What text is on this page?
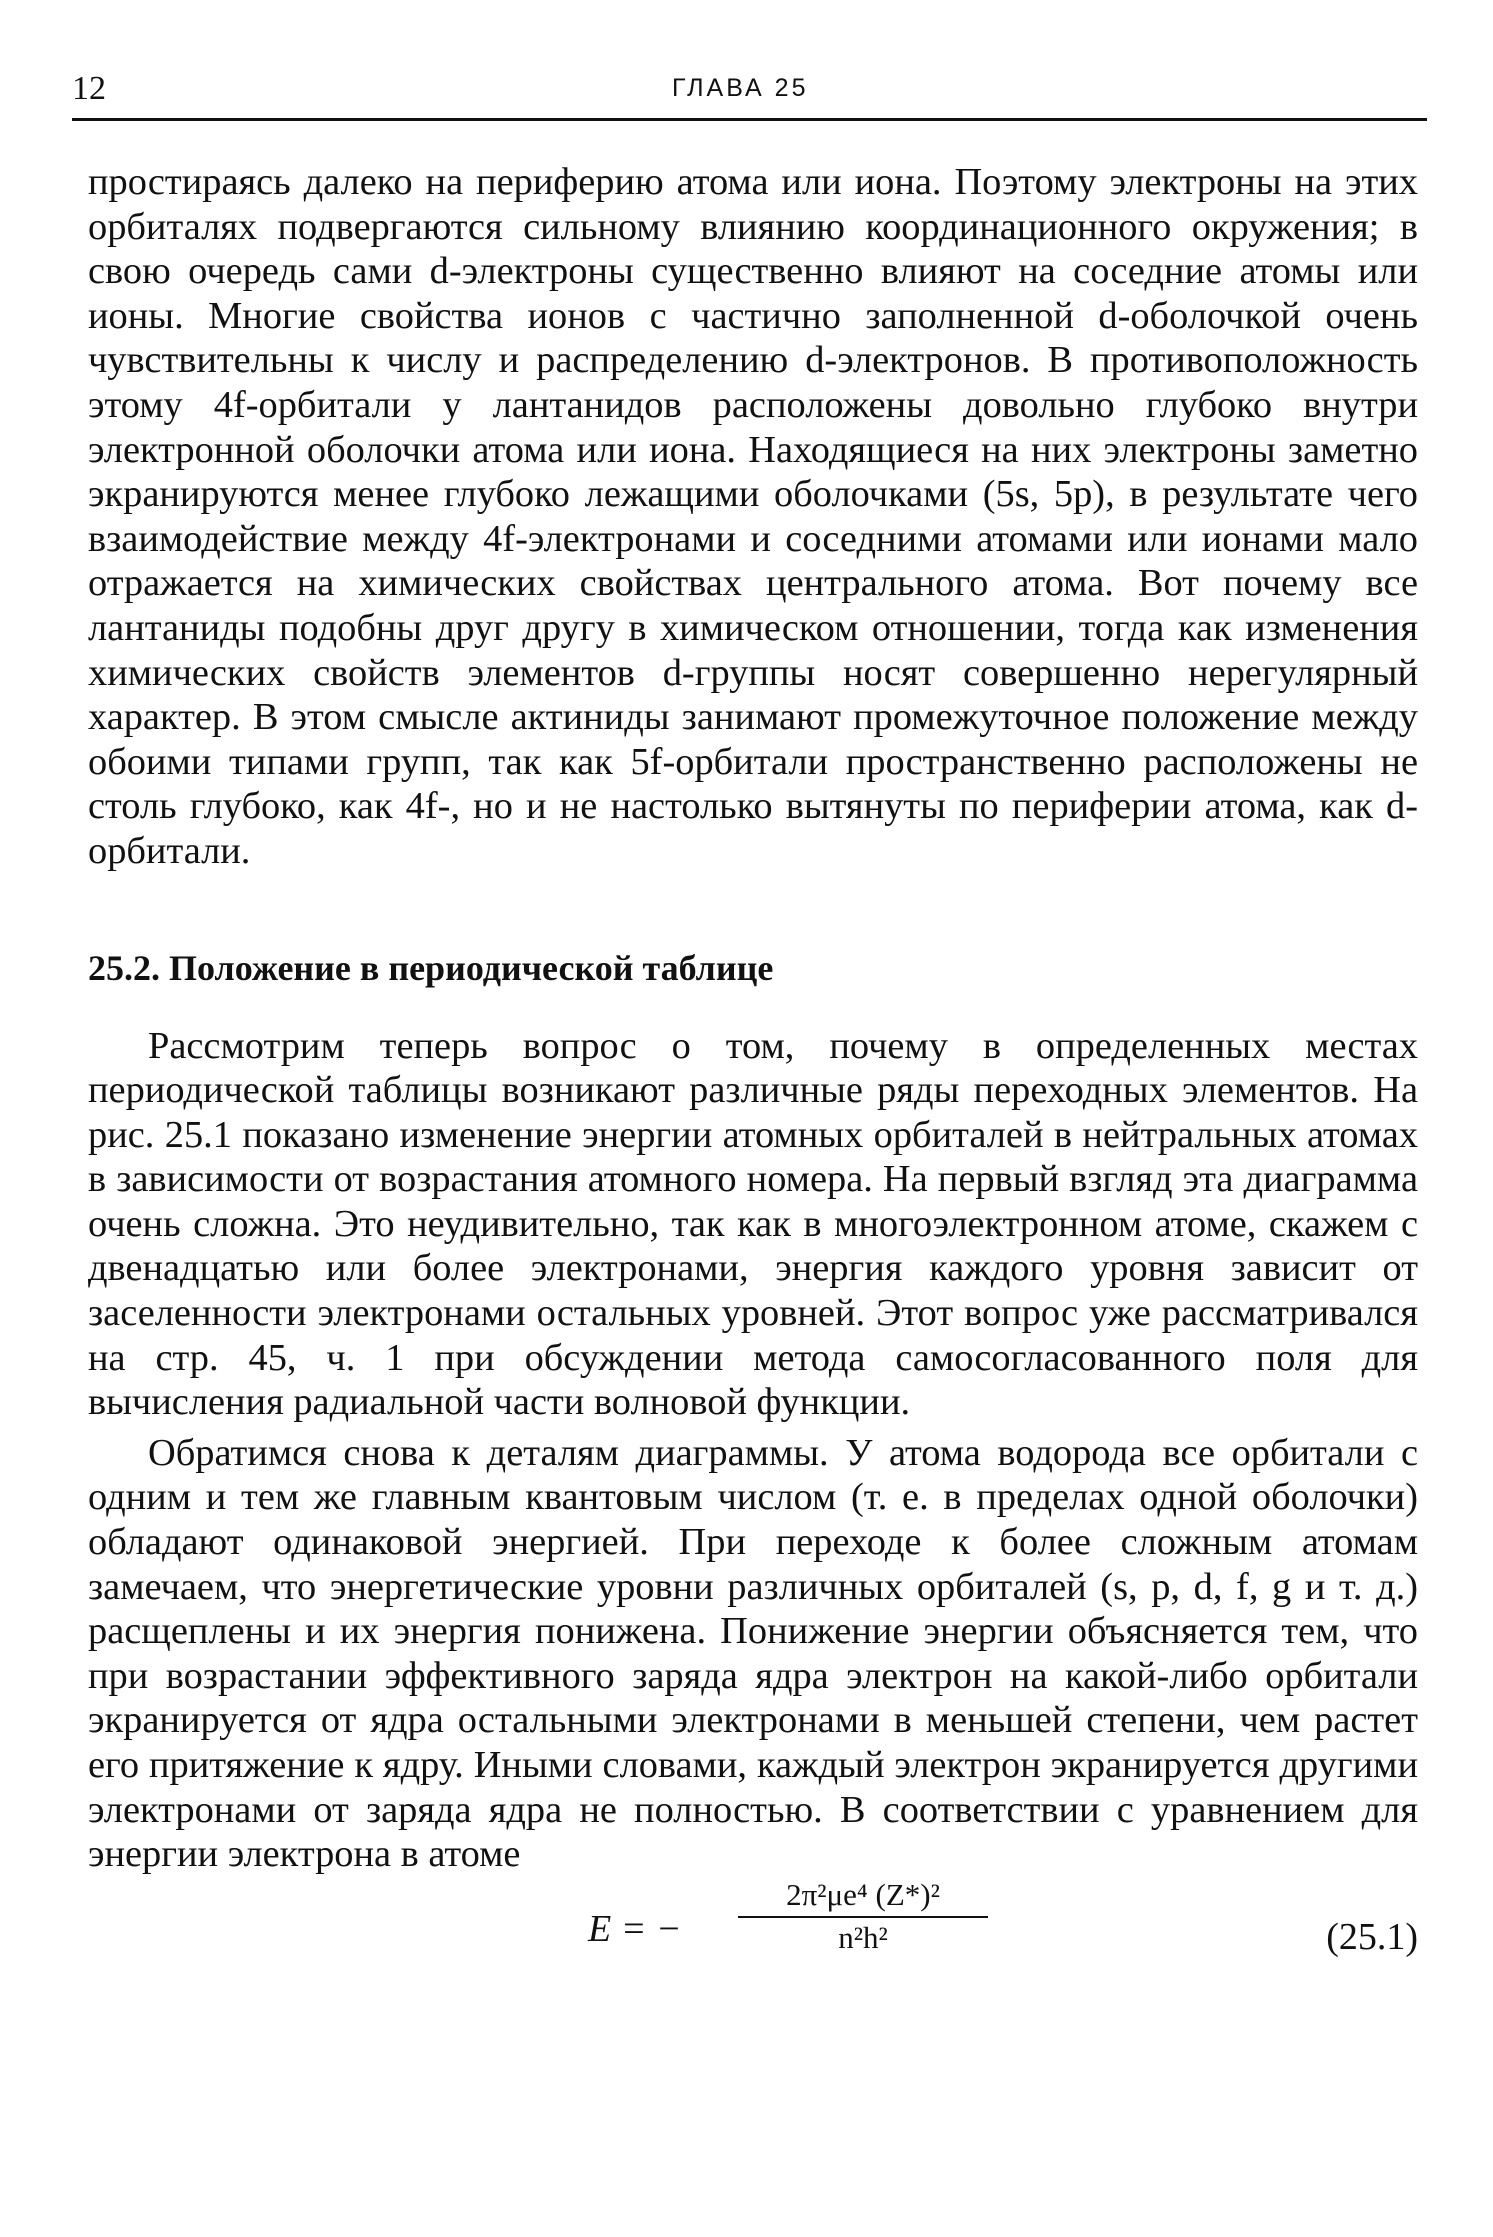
12	ГЛАВА 25

простираясь далеко на периферию атома или иона. Поэтому электроны на этих орбиталях подвергаются сильному влиянию координационного окружения; в свою очередь сами d-электроны существенно влияют на соседние атомы или ионы. Многие свойства ионов с частично заполненной d-оболочкой очень чувствительны к числу и распределению d-электронов. В противоположность этому 4f-орбитали у лантанидов расположены довольно глубоко внутри электронной оболочки атома или иона. Находящиеся на них электроны заметно экранируются менее глубоко лежащими оболочками (5s, 5p), в результате чего взаимодействие между 4f-электронами и соседними атомами или ионами мало отражается на химических свойствах центрального атома. Вот почему все лантаниды подобны друг другу в химическом отношении, тогда как изменения химических свойств элементов d-группы носят совершенно нерегулярный характер. В этом смысле актиниды занимают промежуточное положение между обоими типами групп, так как 5f-орбитали пространственно расположены не столь глубоко, как 4f-, но и не настолько вытянуты по периферии атома, как d-орбитали.

25.2. Положение в периодической таблице

Рассмотрим теперь вопрос о том, почему в определенных местах периодической таблицы возникают различные ряды переходных элементов. На рис. 25.1 показано изменение энергии атомных орбиталей в нейтральных атомах в зависимости от возрастания атомного номера. На первый взгляд эта диаграмма очень сложна. Это неудивительно, так как в многоэлектронном атоме, скажем с двенадцатью или более электронами, энергия каждого уровня зависит от заселенности электронами остальных уровней. Этот вопрос уже рассматривался на стр. 45, ч. 1 при обсуждении метода самосогласованного поля для вычисления радиальной части волновой функции.

Обратимся снова к деталям диаграммы. У атома водорода все орбитали с одним и тем же главным квантовым числом (т. е. в пределах одной оболочки) обладают одинаковой энергией. При переходе к более сложным атомам замечаем, что энергетические уровни различных орбиталей (s, p, d, f, g и т. д.) расщеплены и их энергия понижена. Понижение энергии объясняется тем, что при возрастании эффективного заряда ядра электрон на какой-либо орбитали экранируется от ядра остальными электронами в меньшей степени, чем растет его притяжение к ядру. Иными словами, каждый электрон экранируется другими электронами от заряда ядра не полностью. В соответствии с уравнением для энергии электрона в атоме

E = − $\frac{\text{2π²μe⁴ (Z*)²}}{\text{n²h²}}$	(25.1)
